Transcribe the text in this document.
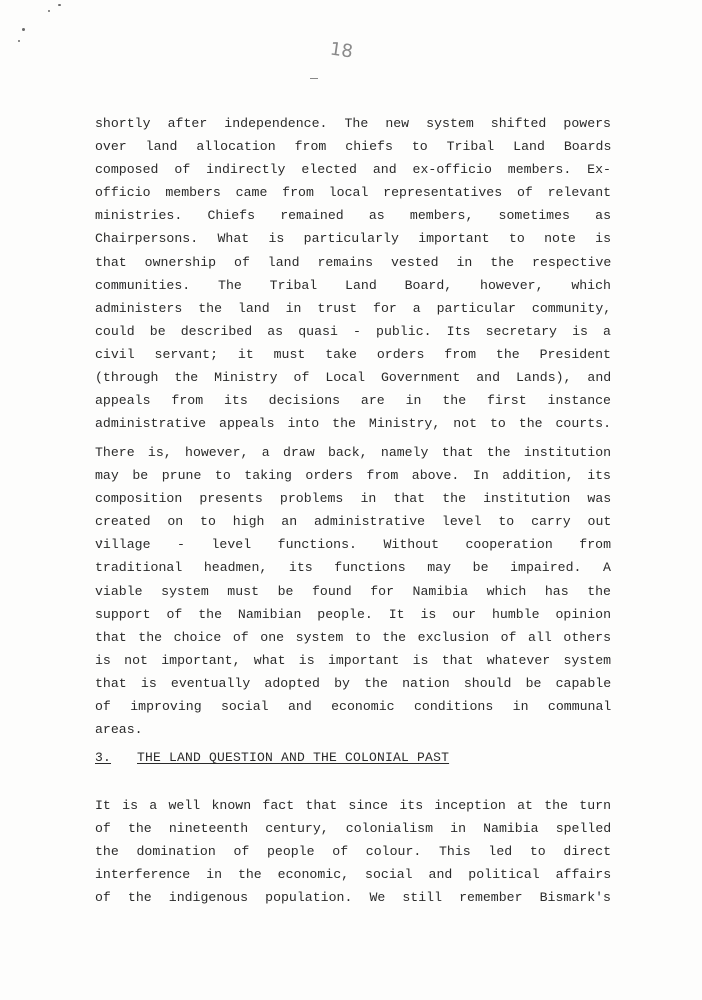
18
shortly after independence. The new system shifted powers
over land allocation from chiefs to Tribal Land Boards
composed of indirectly elected and ex-officio members. Ex-
officio members came from local representatives of relevant
ministries. Chiefs remained as members, sometimes as
Chairpersons. What is particularly important to note is
that ownership of land remains vested in the respective
communities. The Tribal Land Board, however, which
administers the land in trust for a particular community,
could be described as quasi - public. Its secretary is a
civil servant; it must take orders from the President
(through the Ministry of Local Government and Lands), and
appeals from its decisions are in the first instance
administrative appeals into the Ministry, not to the courts.
There is, however, a draw back, namely that the institution
may be prune to taking orders from above. In addition, its
composition presents problems in that the institution was
created on to high an administrative level to carry out
village - level functions. Without cooperation from
traditional headmen, its functions may be impaired. A
viable system must be found for Namibia which has the
support of the Namibian people. It is our humble opinion
that the choice of one system to the exclusion of all others
is not important, what is important is that whatever system
that is eventually adopted by the nation should be capable
of improving social and economic conditions in communal
areas.
3. THE LAND QUESTION AND THE COLONIAL PAST
It is a well known fact that since its inception at the turn
of the nineteenth century, colonialism in Namibia spelled
the domination of people of colour. This led to direct
interference in the economic, social and political affairs
of the indigenous population. We still remember Bismark's
